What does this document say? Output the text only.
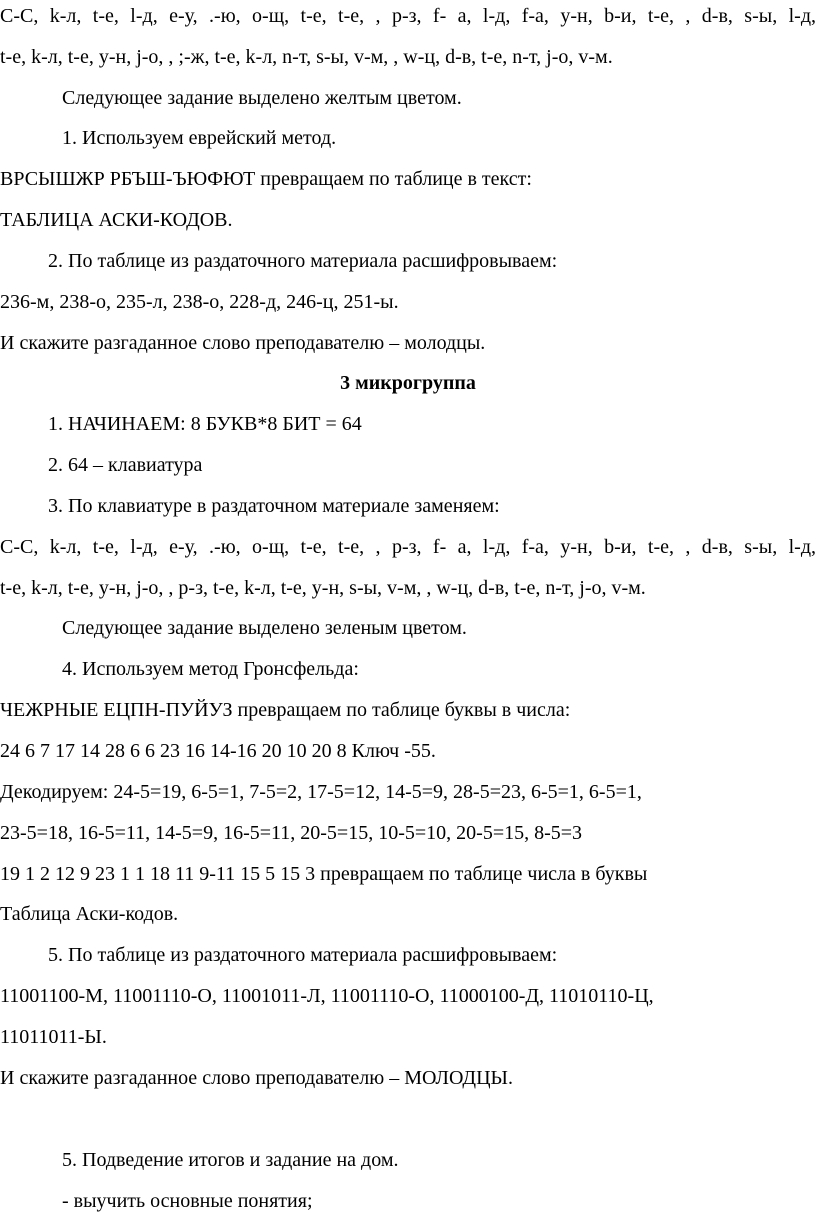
С-С, k-л, t-е, l-д, е-у, .-ю, о-щ, t-е, t-е, , р-з, f- а, l-д, f-а, у-н, b-и, t-е, , d-в, s-ы, l-д,
t-е, k-л, t-е, у-н, j-о, , ;-ж, t-е, k-л, n-т, s-ы, v-м, , w-ц, d-в, t-е, n-т, j-о, v-м.
Следующее задание выделено желтым цветом.
1. Используем еврейский метод.
ВРСЫШЖР РБЪШ-ЪЮФЮТ превращаем по таблице в текст:
ТАБЛИЦА АСКИ-КОДОВ.
2. По таблице из раздаточного материала расшифровываем:
236-м, 238-о, 235-л, 238-о, 228-д, 246-ц, 251-ы.
И скажите разгаданное слово преподавателю – молодцы.
3 микрогруппа
1. НАЧИНАЕМ: 8 БУКВ*8 БИТ = 64
2. 64 – клавиатура
3. По клавиатуре в раздаточном материале заменяем:
С-С, k-л, t-е, l-д, е-у, .-ю, о-щ, t-е, t-е, , р-з, f- а, l-д, f-а, у-н, b-и, t-е, , d-в, s-ы, l-д,
t-е, k-л, t-е, у-н, j-о, , р-з, t-е, k-л, t-е, у-н, s-ы, v-м, , w-ц, d-в, t-е, n-т, j-о, v-м.
Следующее задание выделено зеленым цветом.
4. Используем метод Гронсфельда:
ЧЕЖРНЫЕ ЕЦПН-ПУЙУЗ превращаем по таблице буквы в числа:
24 6 7 17 14 28 6 6 23 16 14-16 20 10 20 8 Ключ -55.
Декодируем: 24-5=19, 6-5=1, 7-5=2, 17-5=12, 14-5=9, 28-5=23, 6-5=1, 6-5=1,
23-5=18, 16-5=11, 14-5=9, 16-5=11, 20-5=15, 10-5=10, 20-5=15, 8-5=3
19 1 2 12 9 23 1 1 18 11 9-11 15 5 15 3 превращаем по таблице числа в буквы
Таблица Аски-кодов.
5. По таблице из раздаточного материала расшифровываем:
11001100-М, 11001110-О, 11001011-Л, 11001110-О, 11000100-Д, 11010110-Ц,
11011011-Ы.
И скажите разгаданное слово преподавателю – МОЛОДЦЫ.
5. Подведение итогов и задание на дом.
- выучить основные понятия;
